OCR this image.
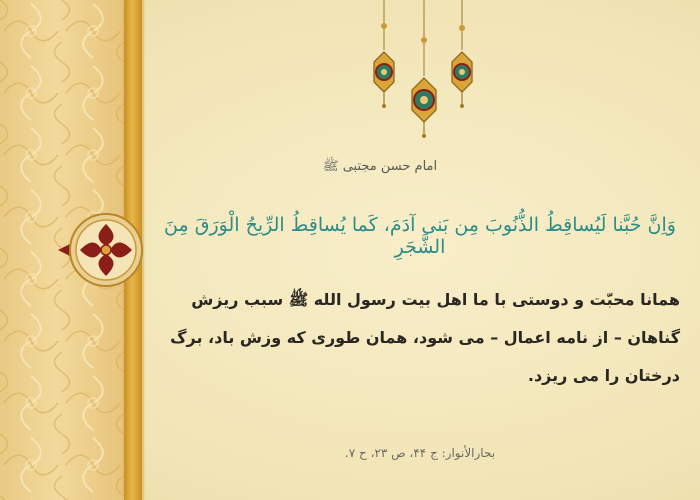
امام حسن مجتبی ﷺ
وَاِنَّ حُبَّنا لَيُساقِطُ الذُّنُوبَ مِن بَنى آدَمَ، كَما يُساقِطُ الرِّيحُ الْوَرَقَ مِنَ الشَّجَرِ
همانا محبّت و دوستی با ما اهل بیت رسول الله ﷺ سبب ریزش
گناهان – از نامه اعمال – می شود، همان طوری که وزش باد، برگ
درختان را می ریزد.
بحارالأنوار: ج ۴۴، ص ۲۳، ح ۷.
